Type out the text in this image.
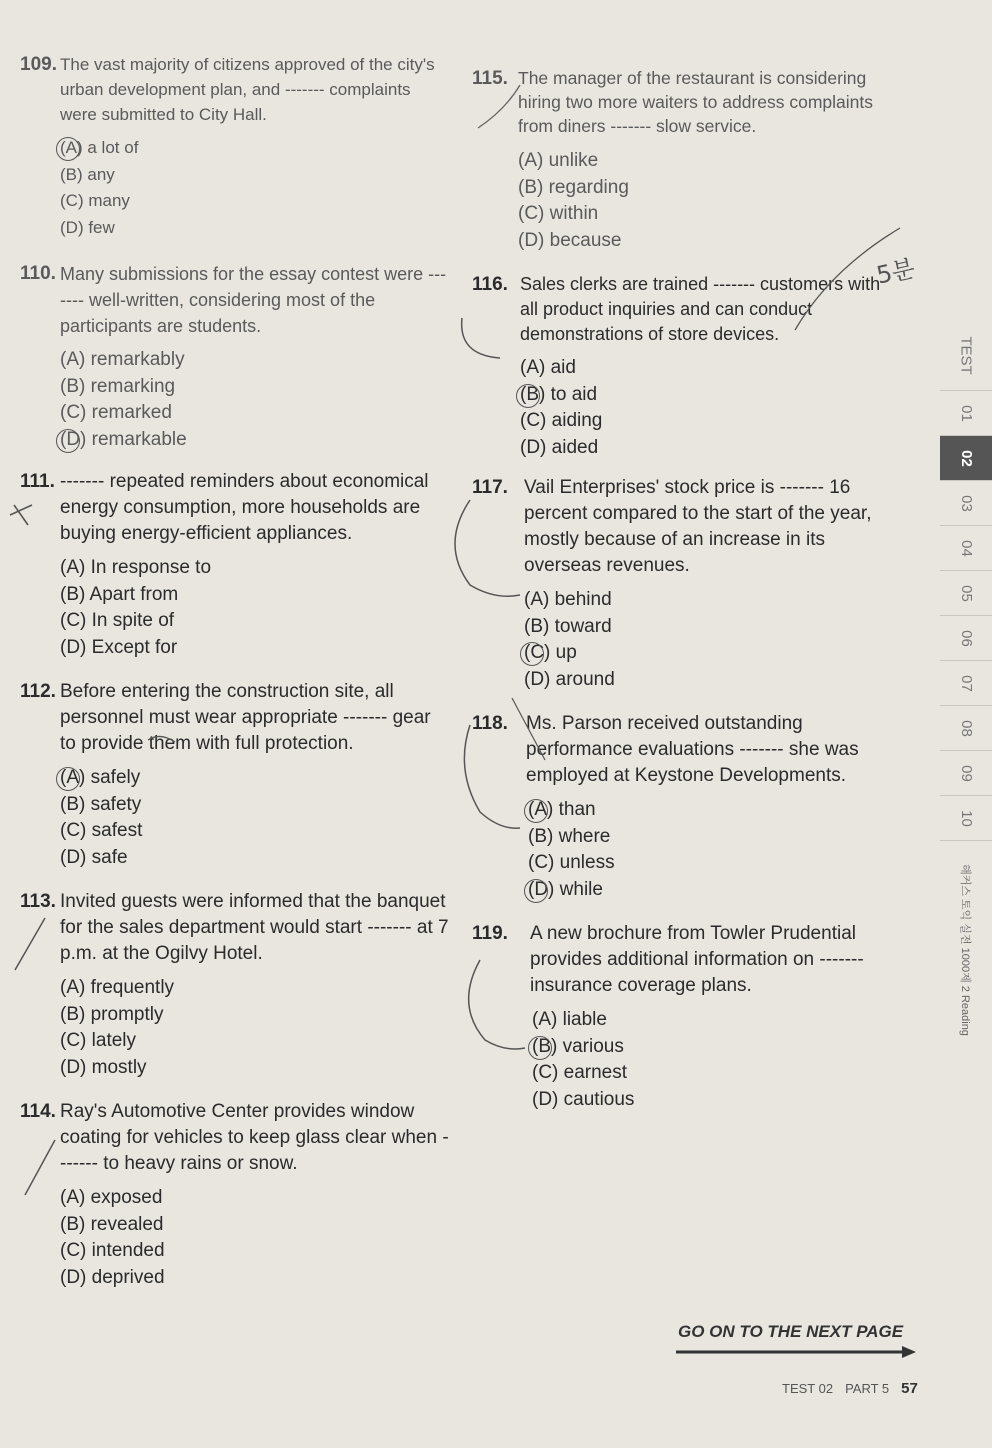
109. The vast majority of citizens approved of the city's urban development plan, and ------- complaints were submitted to City Hall.
(A) a lot of
(B) any
(C) many
(D) few
110. Many submissions for the essay contest were ------- well-written, considering most of the participants are students.
(A) remarkably
(B) remarking
(C) remarked
(D) remarkable
111. ------- repeated reminders about economical energy consumption, more households are buying energy-efficient appliances.
(A) In response to
(B) Apart from
(C) In spite of
(D) Except for
112. Before entering the construction site, all personnel must wear appropriate ------- gear to provide them with full protection.
(A) safely
(B) safety
(C) safest
(D) safe
113. Invited guests were informed that the banquet for the sales department would start ------- at 7 p.m. at the Ogilvy Hotel.
(A) frequently
(B) promptly
(C) lately
(D) mostly
114. Ray's Automotive Center provides window coating for vehicles to keep glass clear when ------- to heavy rains or snow.
(A) exposed
(B) revealed
(C) intended
(D) deprived
115. The manager of the restaurant is considering hiring two more waiters to address complaints from diners ------- slow service.
(A) unlike
(B) regarding
(C) within
(D) because
116. Sales clerks are trained ------- customers with all product inquiries and can conduct demonstrations of store devices.
(A) aid
(B) to aid
(C) aiding
(D) aided
117. Vail Enterprises' stock price is ------- 16 percent compared to the start of the year, mostly because of an increase in its overseas revenues.
(A) behind
(B) toward
(C) up
(D) around
118. Ms. Parson received outstanding performance evaluations ------- she was employed at Keystone Developments.
(A) than
(B) where
(C) unless
(D) while
119.	A new brochure from Towler Prudential provides additional information on ------- insurance coverage plans.
(A) liable
(B) various
(C) earnest
(D) cautious
5분
TEST
01
02
03
04
05
06
07
08
09
10
해커스 토익 실전 1000제 2 Reading
GO ON TO THE NEXT PAGE
TEST 02 PART 5 57
